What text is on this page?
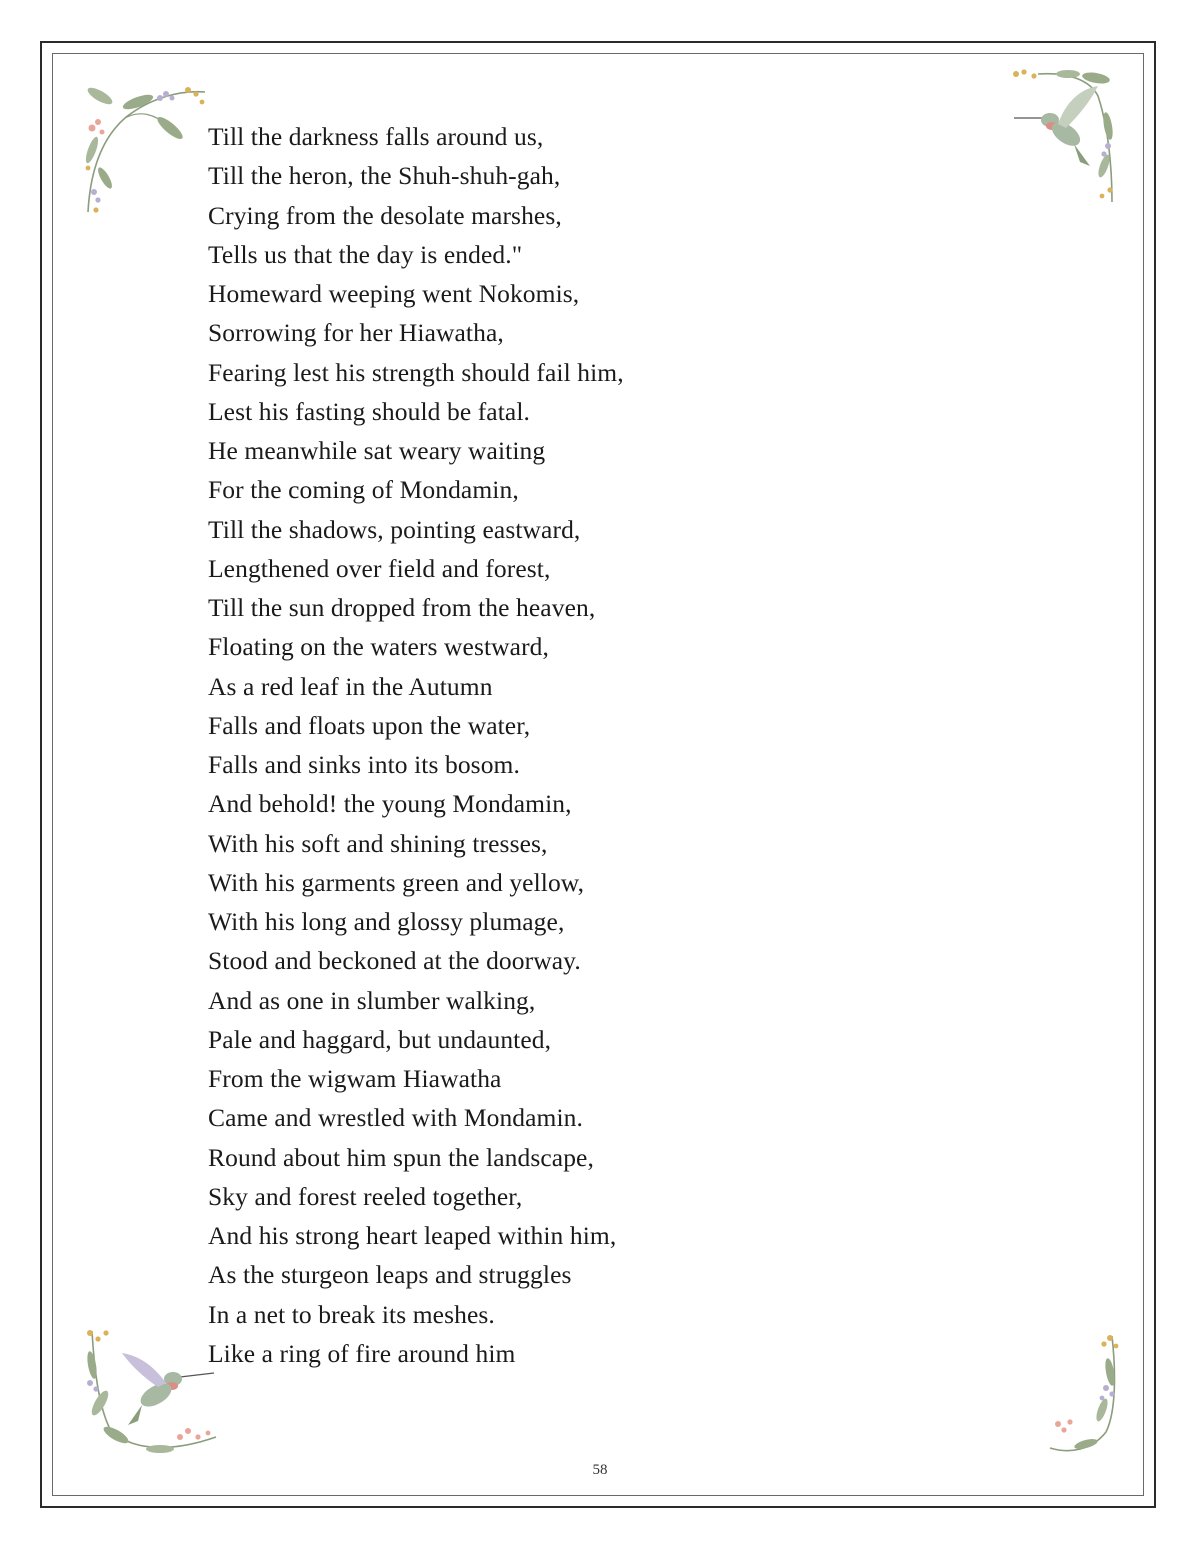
Till the darkness falls around us,
Till the heron, the Shuh-shuh-gah,
Crying from the desolate marshes,
Tells us that the day is ended."
Homeward weeping went Nokomis,
Sorrowing for her Hiawatha,
Fearing lest his strength should fail him,
Lest his fasting should be fatal.
He meanwhile sat weary waiting
For the coming of Mondamin,
Till the shadows, pointing eastward,
Lengthened over field and forest,
Till the sun dropped from the heaven,
Floating on the waters westward,
As a red leaf in the Autumn
Falls and floats upon the water,
Falls and sinks into its bosom.
And behold! the young Mondamin,
With his soft and shining tresses,
With his garments green and yellow,
With his long and glossy plumage,
Stood and beckoned at the doorway.
And as one in slumber walking,
Pale and haggard, but undaunted,
From the wigwam Hiawatha
Came and wrestled with Mondamin.
Round about him spun the landscape,
Sky and forest reeled together,
And his strong heart leaped within him,
As the sturgeon leaps and struggles
In a net to break its meshes.
Like a ring of fire around him
58
